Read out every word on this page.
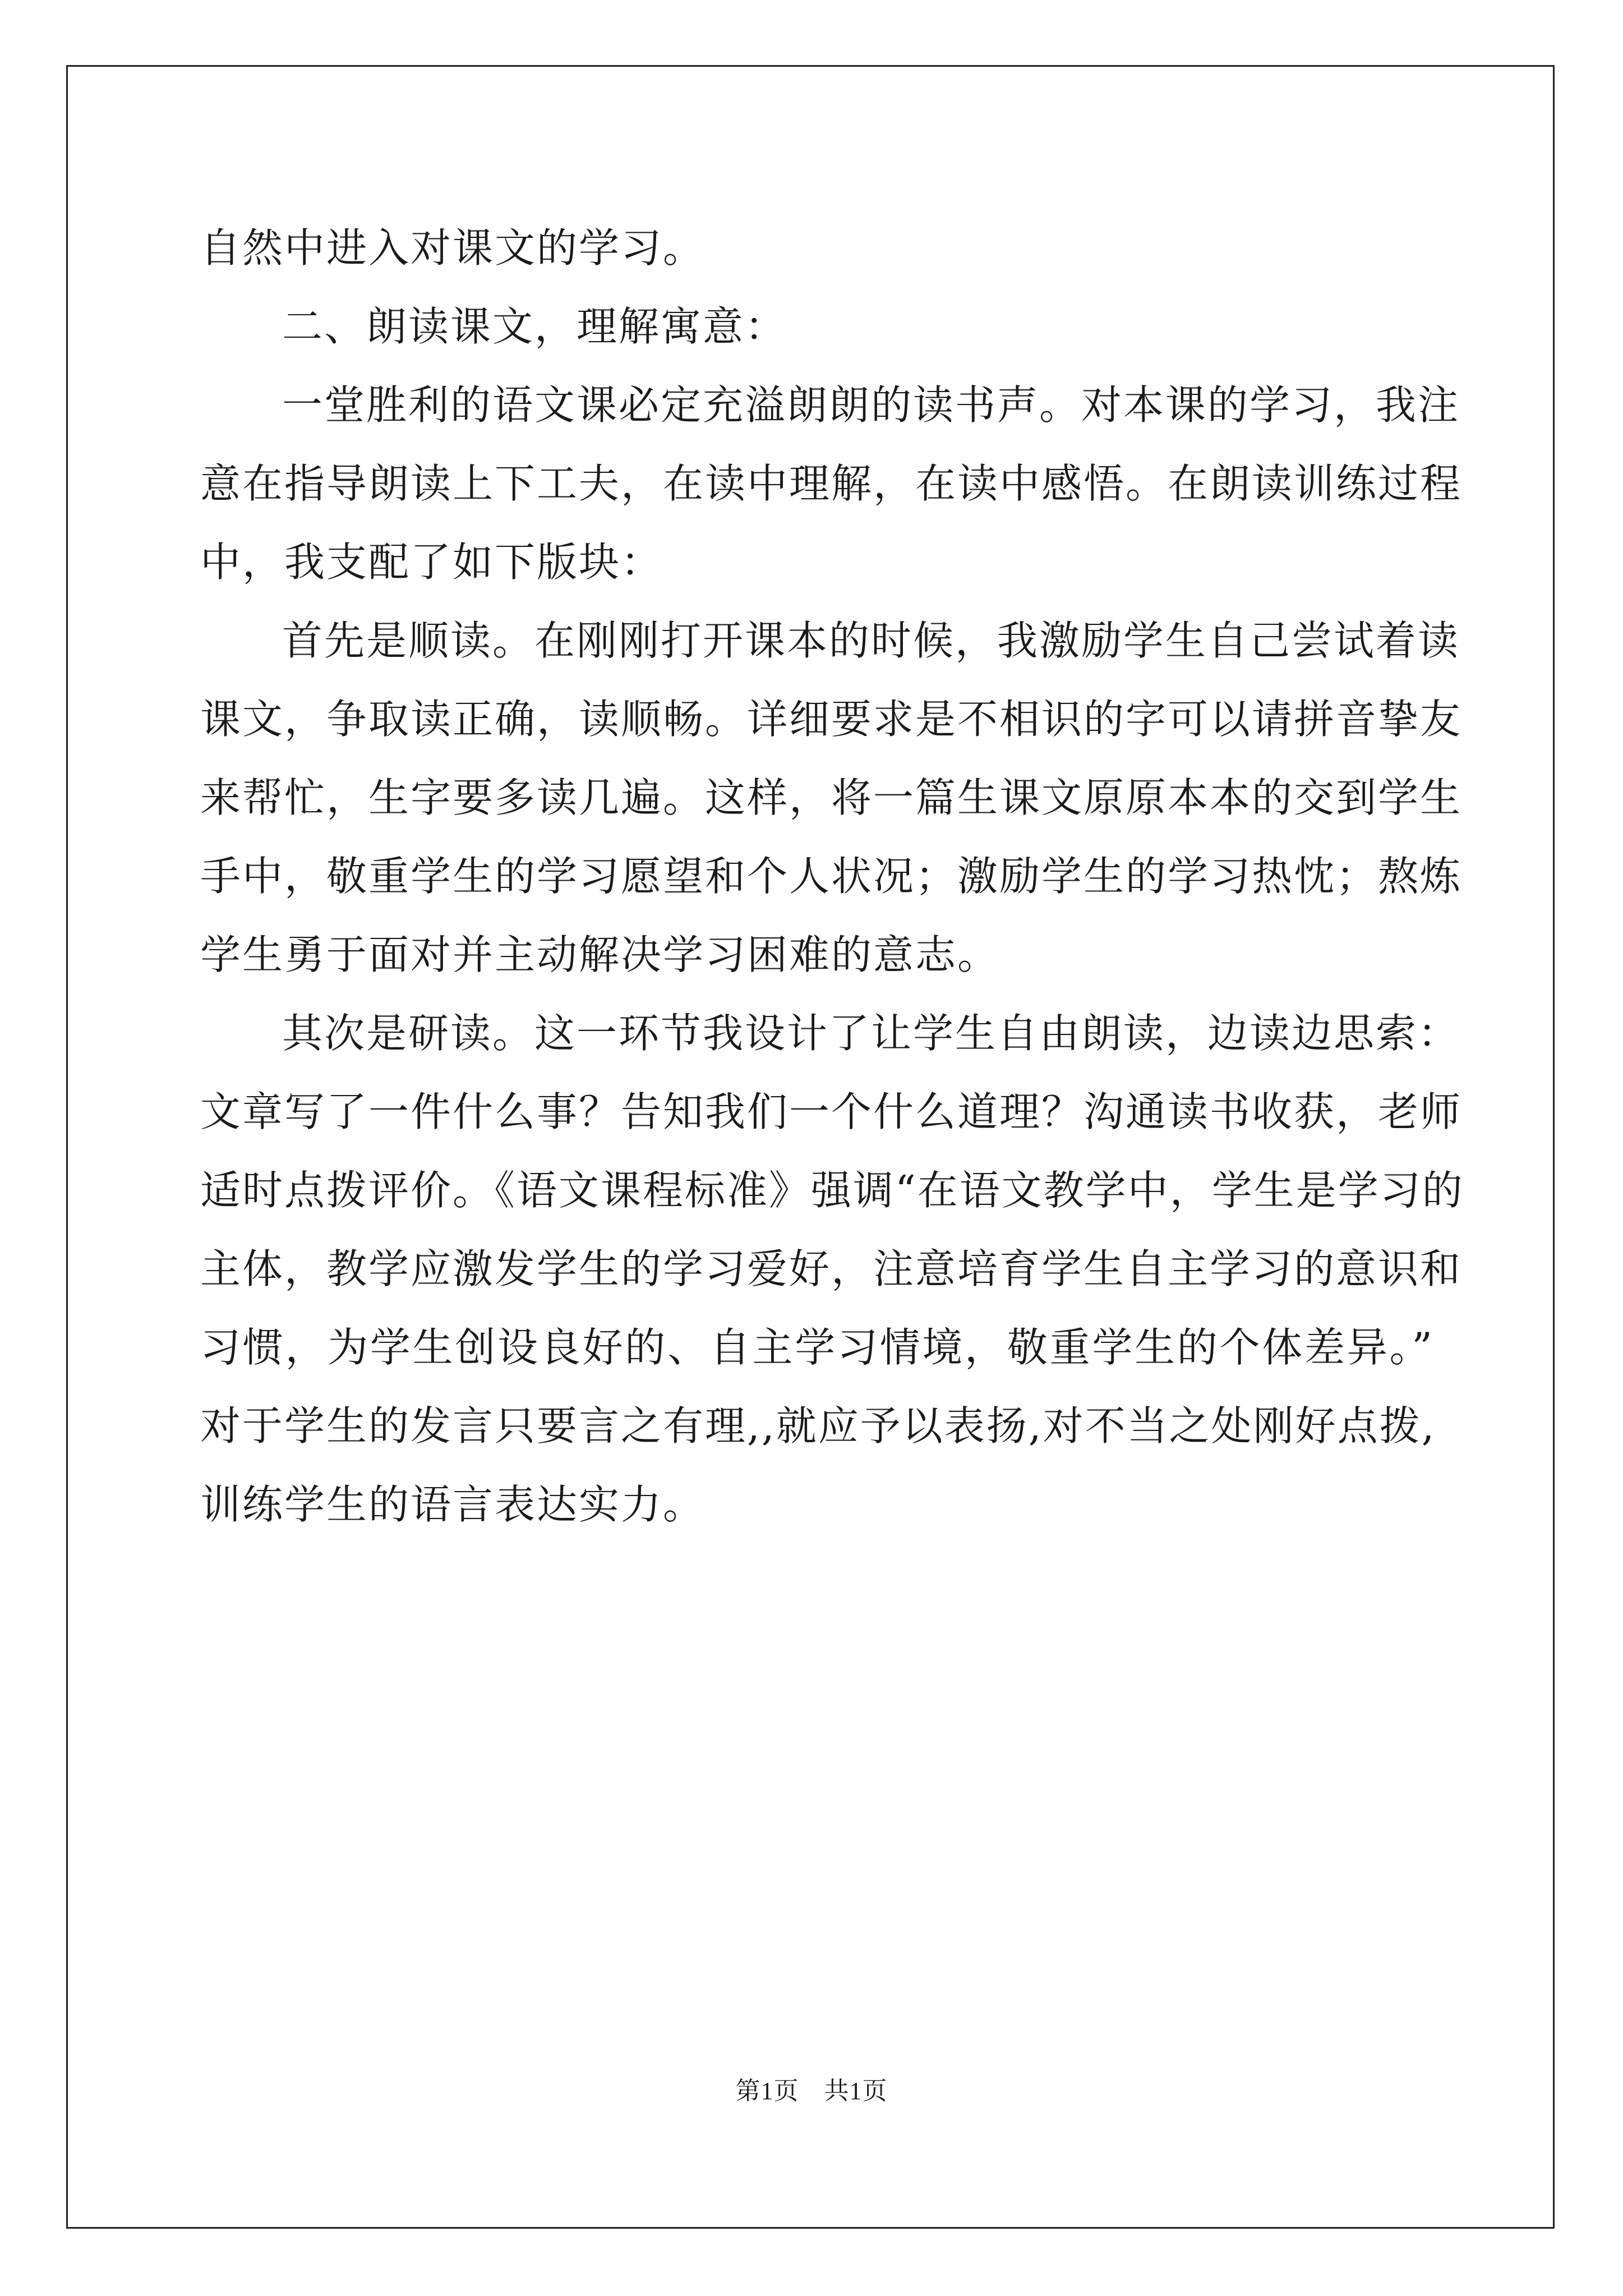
自然中进入对课文的学习。
二、朗读课文，理解寓意：
一堂胜利的语文课必定充溢朗朗的读书声。对本课的学习，我注
意在指导朗读上下工夫，在读中理解，在读中感悟。在朗读训练过程
中，我支配了如下版块：
首先是顺读。在刚刚打开课本的时候，我激励学生自己尝试着读
课文，争取读正确，读顺畅。详细要求是不相识的字可以请拼音挚友
来帮忙，生字要多读几遍。这样，将一篇生课文原原本本的交到学生
手中，敬重学生的学习愿望和个人状况；激励学生的学习热忱；熬炼
学生勇于面对并主动解决学习困难的意志。
其次是研读。这一环节我设计了让学生自由朗读，边读边思索：
文章写了一件什么事？告知我们一个什么道理？沟通读书收获，老师
适时点拨评价。《语文课程标准》强调“在语文教学中，学生是学习的
主体，教学应激发学生的学习爱好，注意培育学生自主学习的意识和
习惯，为学生创设良好的、自主学习情境，敬重学生的个体差异。”
对于学生的发言只要言之有理,,就应予以表扬,对不当之处刚好点拨,
训练学生的语言表达实力。
第1页　共1页
